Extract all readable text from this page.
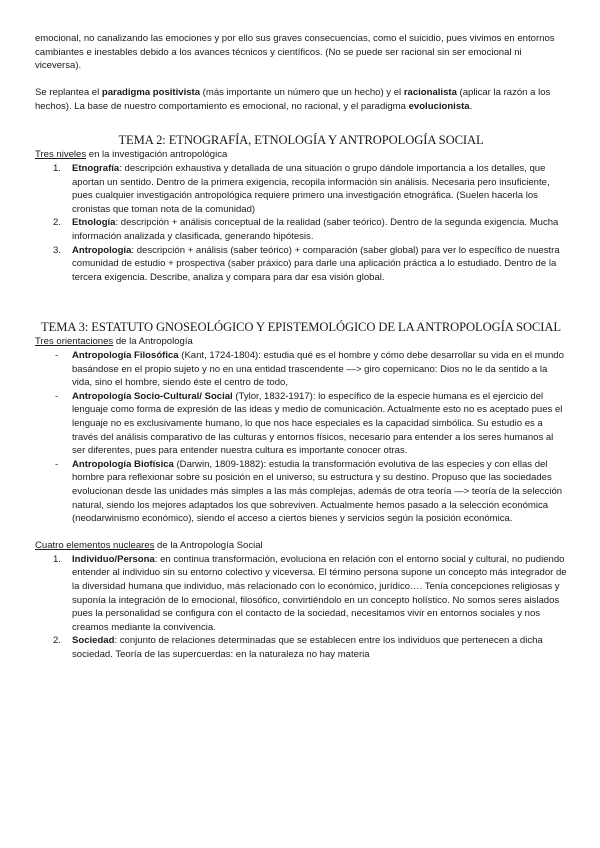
emocional, no canalizando las emociones y por ello sus graves consecuencias, como el suicidio, pues vivimos en entornos cambiantes e inestables debido a los avances técnicos y científicos. (No se puede ser racional sin ser emocional ni viceversa).

Se replantea el paradigma positivista (más importante un número que un hecho) y el racionalista (aplicar la razón a los hechos). La base de nuestro comportamiento es emocional, no racional, y el paradigma evolucionista.

TEMA 2: ETNOGRAFÍA, ETNOLOGÍA Y ANTROPOLOGÍA SOCIAL

Tres niveles en la investigación antropológica

1. Etnografía: descripción exhaustiva y detallada de una situación o grupo dándole importancia a los detalles, que aportan un sentido. Dentro de la primera exigencia, recopila información sin análisis. Necesaria pero insuficiente, pues cualquier investigación antropológica requiere primero una investigación etnográfica. (Suelen hacerla los cronistas que toman nota de la comunidad)
2. Etnología: descripción + análisis conceptual de la realidad (saber teórico). Dentro de la segunda exigencia. Mucha información analizada y clasificada, generando hipótesis.
3. Antropología: descripción + análisis (saber teórico) + comparación (saber global) para ver lo específico de nuestra comunidad de estudio + prospectiva (saber práxico) para darle una aplicación práctica a lo estudiado. Dentro de la tercera exigencia. Describe, analiza y compara para dar esa visión global.
TEMA 3: ESTATUTO GNOSEOLÓGICO Y EPISTEMOLÓGICO DE LA ANTROPOLOGÍA SOCIAL

Tres orientaciones de la Antropología

- Antropología Filosófica (Kant, 1724-1804): estudia qué es el hombre y cómo debe desarrollar su vida en el mundo basándose en el propio sujeto y no en una entidad trascendente —> giro copernicano: Dios no le da sentido a la vida, sino el hombre, siendo éste el centro de todo,
- Antropología Socio-Cultural/ Social (Tylor, 1832-1917): lo específico de la especie humana es el ejercicio del lenguaje como forma de expresión de las ideas y medio de comunicación. Actualmente esto no es aceptado pues el lenguaje no es exclusivamente humano, lo que nos hace especiales es la capacidad simbólica. Su estudio es a través del análisis comparativo de las culturas y entornos físicos, necesario para entender a los seres humanos al ser diferentes, pues para entender nuestra cultura es importante conocer otras.
- Antropología Biofísica (Darwin, 1809-1882): estudia la transformación evolutiva de las especies y con ellas del hombre para reflexionar sobre su posición en el universo, su estructura y su destino. Propuso que las sociedades evolucionan desde las unidades más simples a las más complejas, además de otra teoría —> teoría de la selección natural, siendo los mejores adaptados los que sobreviven. Actualmente hemos pasado a la selección económica (neodarwinismo económico), siendo el acceso a ciertos bienes y servicios según la posición económica.

Cuatro elementos nucleares de la Antropología Social

1. Individuo/Persona: en continua transformación, evoluciona en relación con el entorno social y cultural, no pudiendo entender al individuo sin su entorno colectivo y viceversa. El término persona supone un concepto más integrador de la diversidad humana que individuo, más relacionado con lo económico, jurídico…. Tenía concepciones religiosas y suponía la integración de lo emocional, filosófico, convirtiéndolo en un concepto holístico. No somos seres aislados pues la personalidad se configura con el contacto de la sociedad, necesitamos vivir en entornos sociales y nos creamos mediante la convivencia.
2. Sociedad: conjunto de relaciones determinadas que se establecen entre los individuos que pertenecen a dicha sociedad. Teoría de las supercuerdas: en la naturaleza no hay materia
